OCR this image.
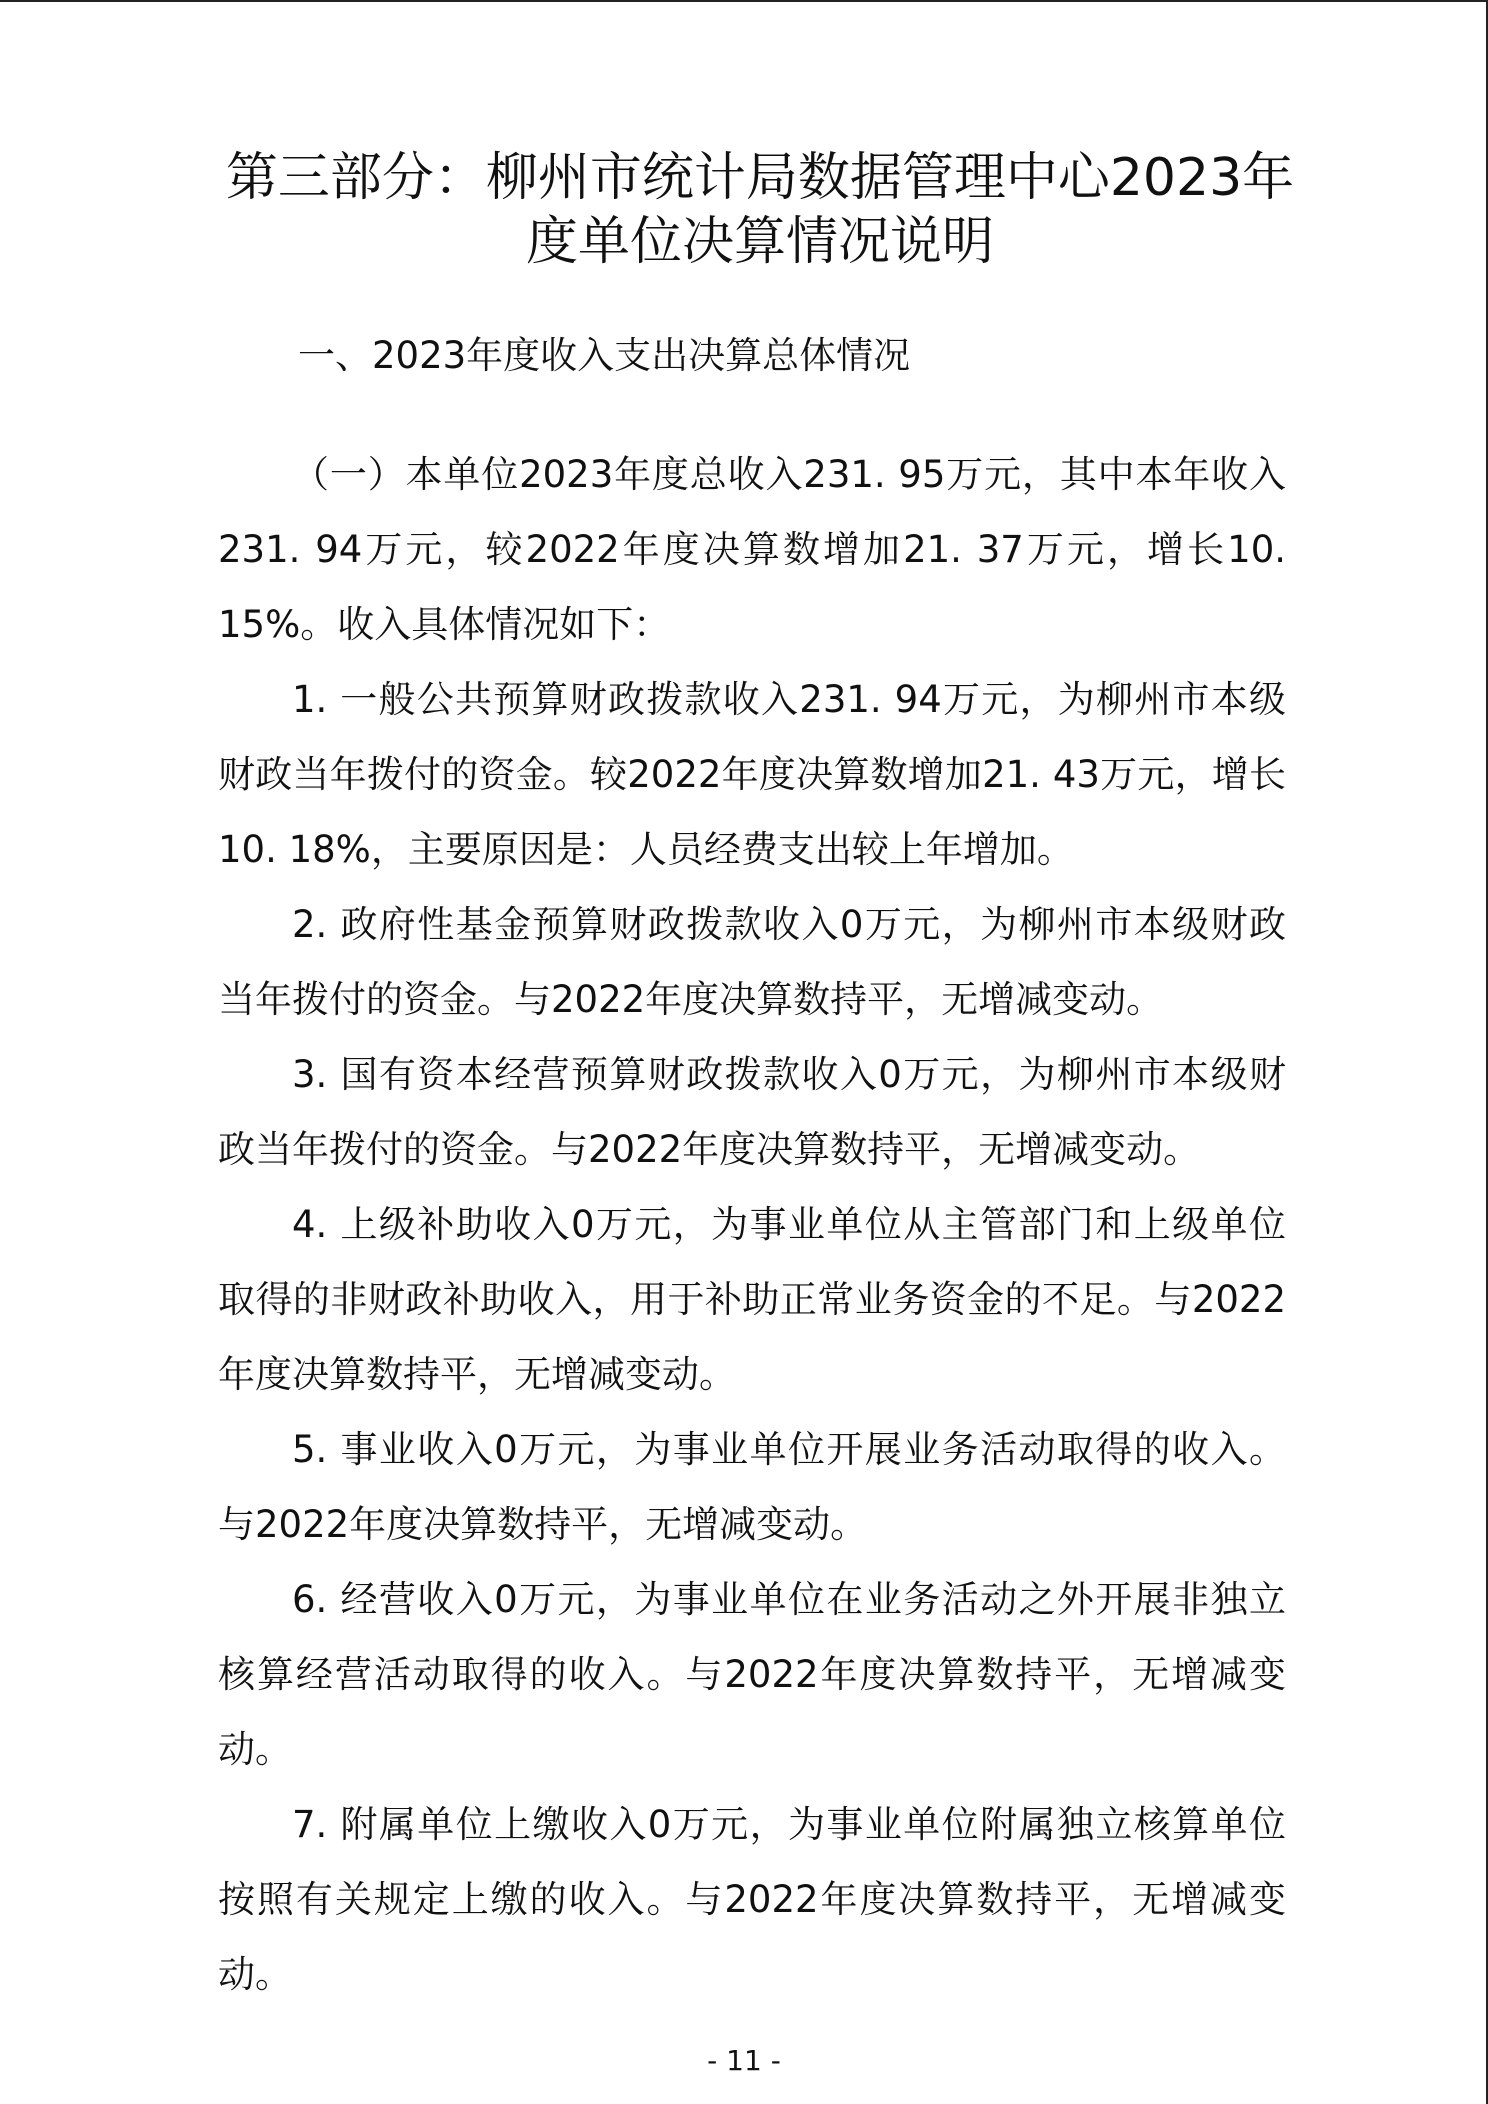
第三部分：柳州市统计局数据管理中心2023年度单位决算情况说明
一、2023年度收入支出决算总体情况

（一）本单位2023年度总收入231. 95万元，其中本年收入231. 94万元，较2022年度决算数增加21. 37万元，增长10. 15%。收入具体情况如下：

1. 一般公共预算财政拨款收入231. 94万元，为柳州市本级财政当年拨付的资金。较2022年度决算数增加21. 43万元，增长10. 18%，主要原因是：人员经费支出较上年增加。

2. 政府性基金预算财政拨款收入0万元，为柳州市本级财政当年拨付的资金。与2022年度决算数持平，无增减变动。

3. 国有资本经营预算财政拨款收入0万元，为柳州市本级财政当年拨付的资金。与2022年度决算数持平，无增减变动。

4. 上级补助收入0万元，为事业单位从主管部门和上级单位取得的非财政补助收入，用于补助正常业务资金的不足。与2022年度决算数持平，无增减变动。

5. 事业收入0万元，为事业单位开展业务活动取得的收入。与2022年度决算数持平，无增减变动。

6. 经营收入0万元，为事业单位在业务活动之外开展非独立核算经营活动取得的收入。与2022年度决算数持平，无增减变动。

7. 附属单位上缴收入0万元，为事业单位附属独立核算单位按照有关规定上缴的收入。与2022年度决算数持平，无增减变动。

- 11 -
